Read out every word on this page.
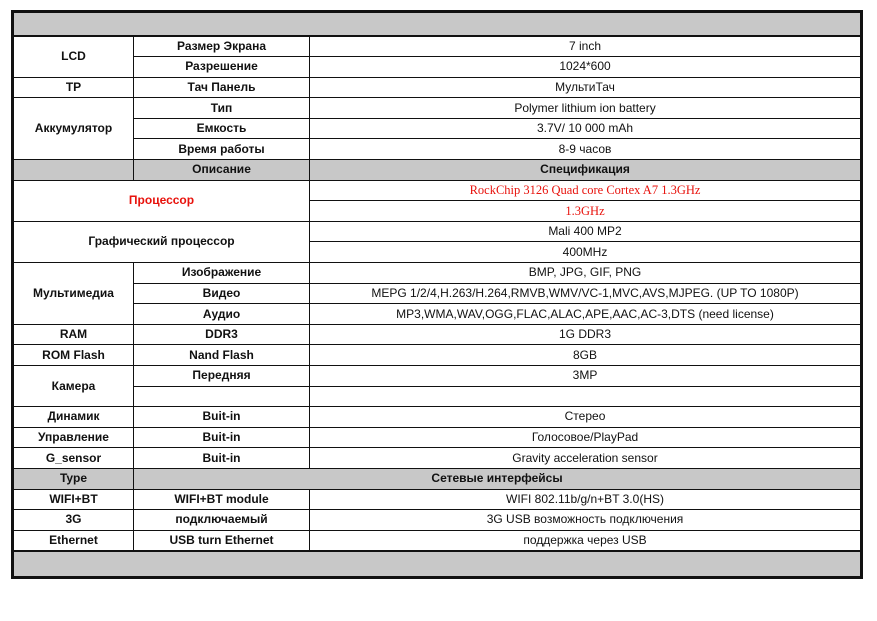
LCD	Размер Экрана	7 inch
	Разрешение	1024*600
TP	Тач Панель	МультиТач
Аккумулятор	Тип	Polymer lithium ion battery
	Емкость	3.7V/ 10 000 mAh
	Время работы	8-9 часов
	Описание	Спецификация
Процессор		RockChip 3126 Quad core Cortex A7 1.3GHz
		1.3GHz
Графический процессор		Mali 400 MP2
		400MHz
Мультимедиа	Изображение	BMP, JPG, GIF, PNG
	Видео	MEPG 1/2/4,H.263/H.264,RMVB,WMV/VC-1,MVC,AVS,MJPEG. (UP TO 1080P)
	Аудио	MP3,WMA,WAV,OGG,FLAC,ALAC,APE,AAC,AC-3,DTS (need license)
RAM	DDR3	1G DDR3
ROM Flash	Nand Flash	8GB
Камера	Передняя	3MP

Динамик	Buit-in	Стерео
Управление	Buit-in	Голосовое/PlayPad
G_sensor	Buit-in	Gravity acceleration sensor
Type	Сетевые интерфейсы	
WIFI+BT	WIFI+BT module	WIFI 802.11b/g/n+BT 3.0(HS)
3G	подключаемый	3G USB возможность подключения
Ethernet	USB turn Ethernet	поддержка через USB
